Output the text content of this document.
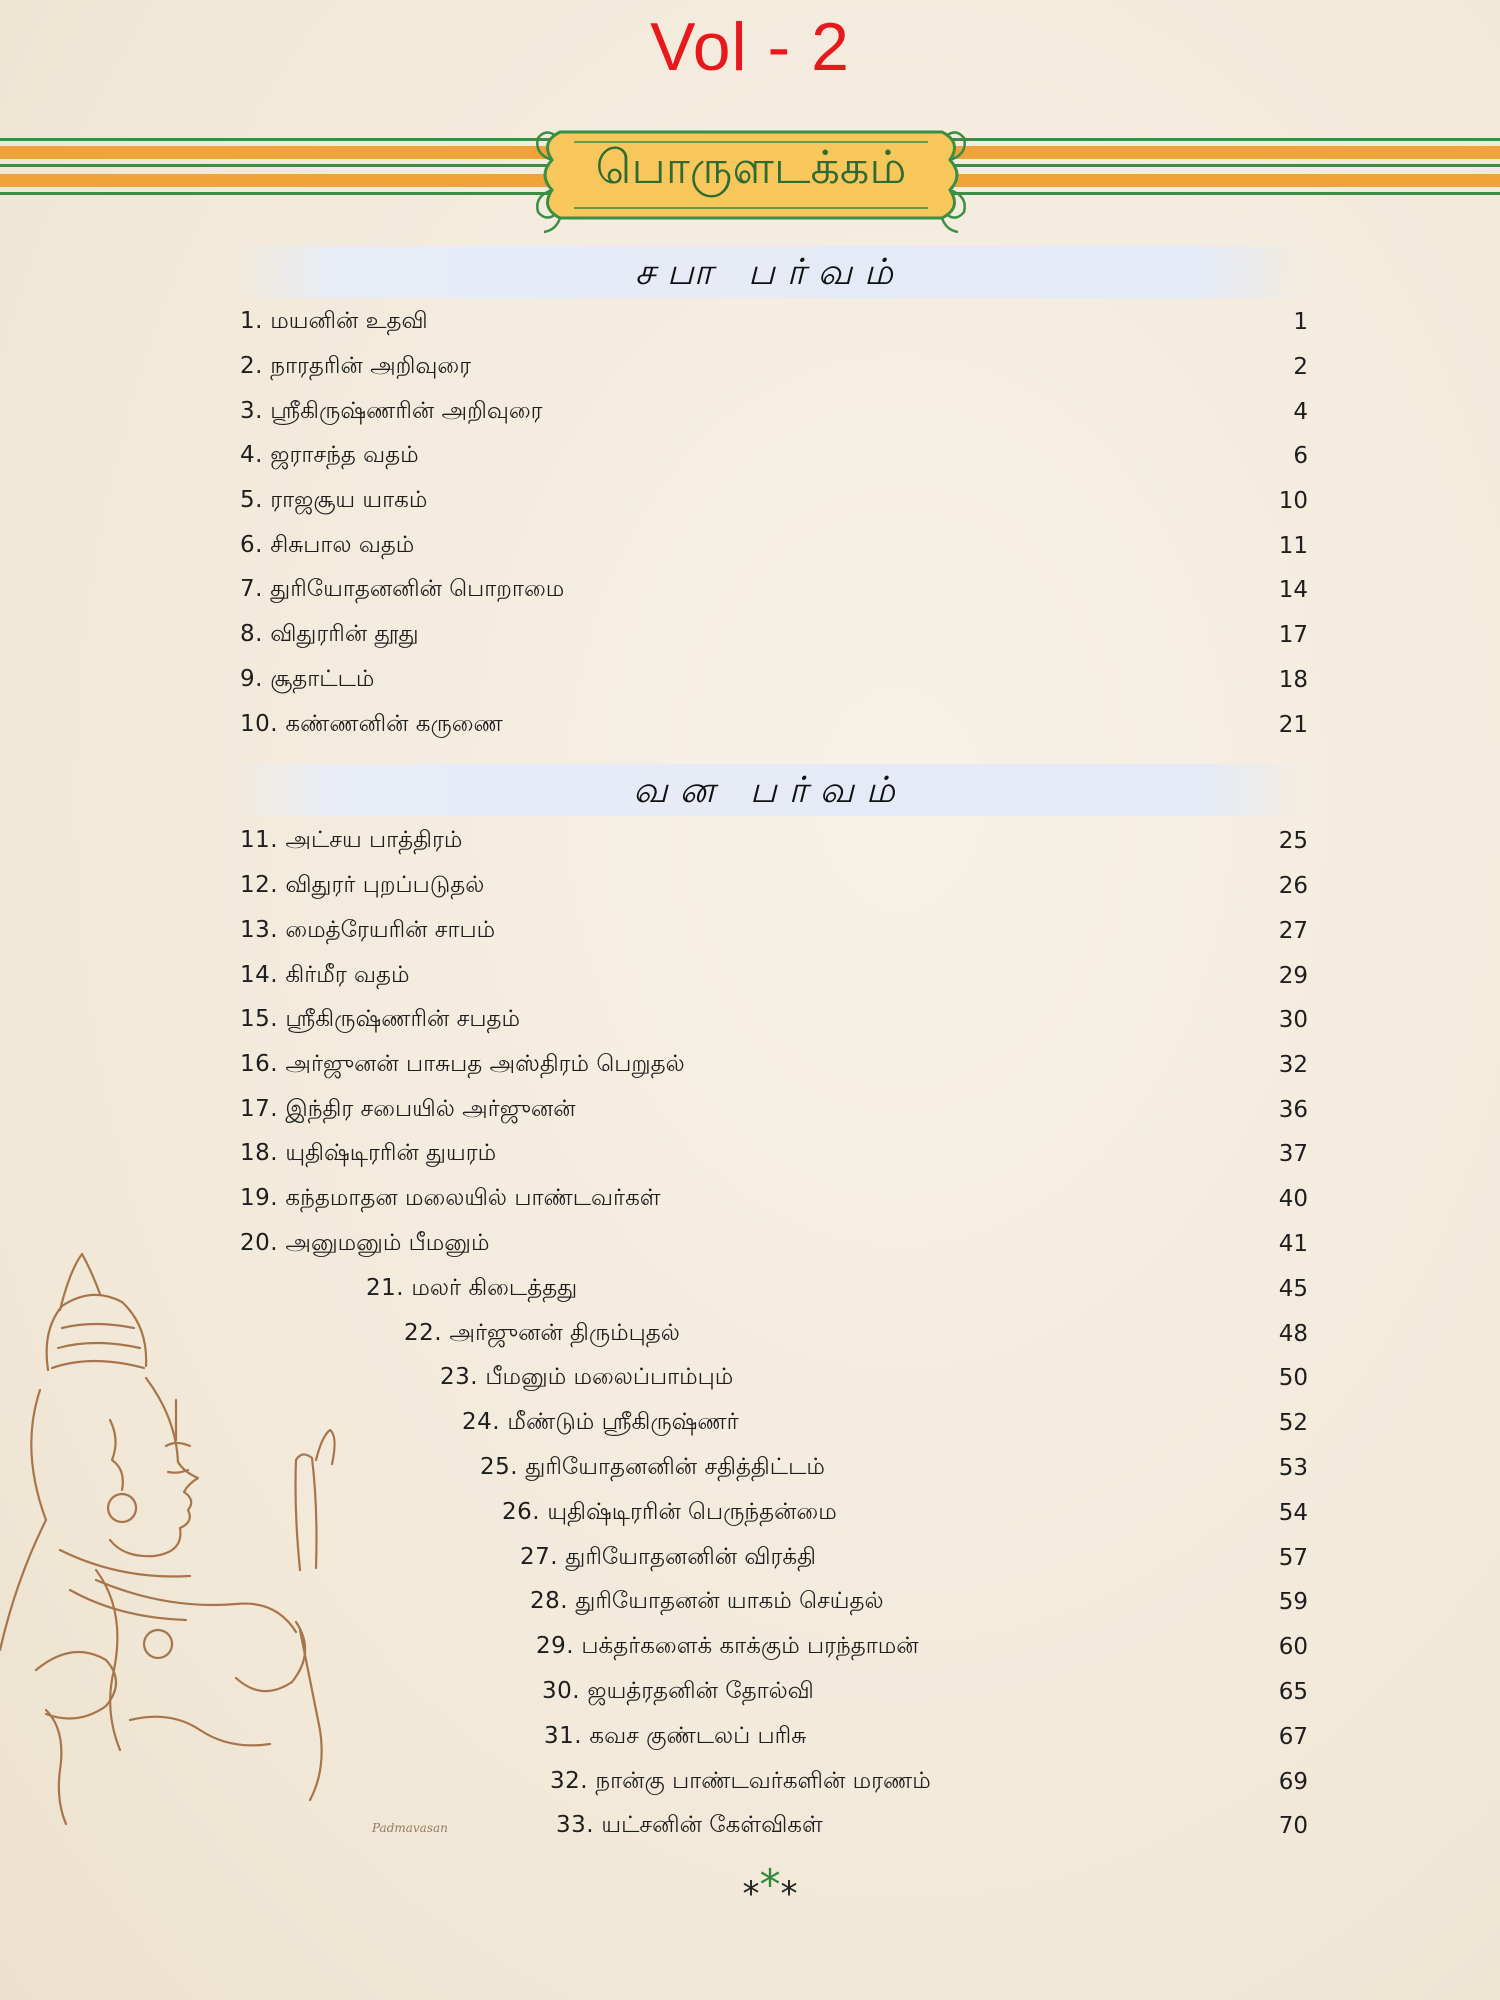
Vol - 2
பொருளடக்கம்
சபா பர்வம்
1. மயனின் உதவி	1
2. நாரதரின் அறிவுரை	2
3. ஸ்ரீகிருஷ்ணரின் அறிவுரை	4
4. ஜராசந்த வதம்	6
5. ராஜசூய யாகம்	10
6. சிசுபால வதம்	11
7. துரியோதனனின் பொறாமை	14
8. விதுரரின் தூது	17
9. சூதாட்டம்	18
10. கண்ணனின் கருணை	21
வன பர்வம்
11. அட்சய பாத்திரம்	25
12. விதுரர் புறப்படுதல்	26
13. மைத்ரேயரின் சாபம்	27
14. கிர்மீர வதம்	29
15. ஸ்ரீகிருஷ்ணரின் சபதம்	30
16. அர்ஜுனன் பாசுபத அஸ்திரம் பெறுதல்	32
17. இந்திர சபையில் அர்ஜுனன்	36
18. யுதிஷ்டிரரின் துயரம்	37
19. கந்தமாதன மலையில் பாண்டவர்கள்	40
20. அனுமனும் பீமனும்	41
21. மலர் கிடைத்தது	45
22. அர்ஜுனன் திரும்புதல்	48
23. பீமனும் மலைப்பாம்பும்	50
24. மீண்டும் ஸ்ரீகிருஷ்ணர்	52
25. துரியோதனனின் சதித்திட்டம்	53
26. யுதிஷ்டிரரின் பெருந்தன்மை	54
27. துரியோதனனின் விரக்தி	57
28. துரியோதனன் யாகம் செய்தல்	59
29. பக்தர்களைக் காக்கும் பரந்தாமன்	60
30. ஜயத்ரதனின் தோல்வி	65
31. கவச குண்டலப் பரிசு	67
32. நான்கு பாண்டவர்களின் மரணம்	69
33. யட்சனின் கேள்விகள்	70
Padmavasan
***
